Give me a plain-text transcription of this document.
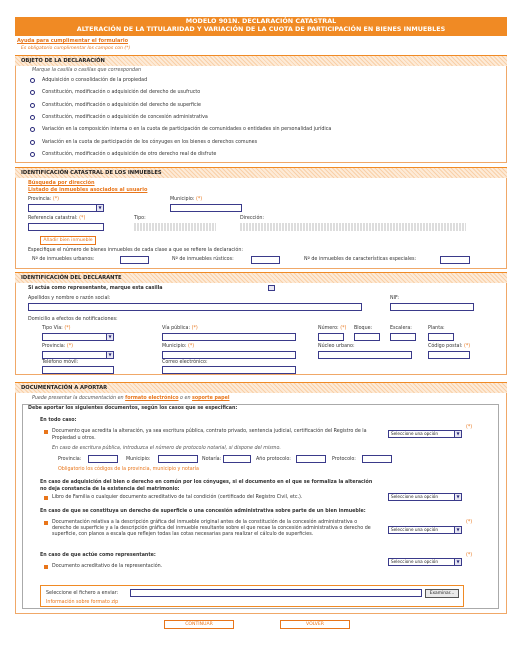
MODELO 901N. DECLARACIÓN CATASTRAL
ALTERACIÓN DE LA TITULARIDAD Y VARIACIÓN DE LA CUOTA DE PARTICIPACIÓN EN BIENES INMUEBLES
Ayuda para cumplimentar el formulario
Es obligatorio cumplimentar los campos con (*)
OBJETO DE LA DECLARACIÓN
Marque la casilla o casillas que correspondan
Adquisición o consolidación de la propiedad
Constitución, modificación o adquisición del derecho de usufructo
Constitución, modificación o adquisición del derecho de superficie
Constitución, modificación o adquisición de concesión administrativa
Variación en la composición interna o en la cuota de participación de comunidades o entidades sin personalidad jurídica
Variación en la cuota de participación de los cónyuges en los bienes o derechos comunes
Constitución, modificación o adquisición de otro derecho real de disfrute
IDENTIFICACIÓN CATASTRAL DE LOS INMUEBLES
Búsqueda por dirección
Listado de inmuebles asociados al usuario
Provincia: (*)
▼
Municipio: (*)
Referencia catastral: (*)	Tipo:	Dirección:
Añadir bien inmueble
Especifique el número de bienes inmuebles de cada clase a que se refiere la declaración:
Nº de inmuebles urbanos:	Nº de inmuebles rústicos:	Nº de inmuebles de características especiales:
IDENTIFICACIÓN DEL DECLARANTE
Si actúa como representante, marque esta casilla
Apellidos y nombre o razón social:	NIF:
Domicilio a efectos de notificaciones:
Tipo Vía: (*)
▼
Vía pública: (*)	Número: (*) Bloque:	Escalera:	Planta:
Provincia: (*)
▼
Municipio: (*)	Núcleo urbano:	Código postal: (*)
Teléfono móvil:	Correo electrónico:
DOCUMENTACIÓN A APORTAR
Puede presentar la documentación en formato electrónico o en soporte papel
Debe aportar los siguientes documentos, según los casos que se especifican:
En todo caso:
Documento que acredita la alteración, ya sea escritura pública, contrato privado, sentencia judicial, certificación del Registro de la
Propiedad u otros.
Seleccione una opción	▼
(*)
En caso de escritura pública, introduzca el número de protocolo notarial, si dispone del mismo.
Provincia:	Municipio:	Notaría:	Año protocolo:	Protocolo:
Obligatorio los códigos de la provincia, municipio y notaría
En caso de adquisición del bien o derecho en común por los cónyuges, si el documento en el que se formaliza la alteración
no deja constancia de la existencia del matrimonio:
Libro de Familia o cualquier documento acreditativo de tal condición (certificado del Registro Civil, etc.).	Seleccione una opción	▼
En caso de que se constituya un derecho de superficie o una concesión administrativa sobre parte de un bien inmueble:
Documentación relativa a la descripción gráfica del inmueble original antes de la constitución de la concesión administrativa o
derecho de superficie y a la descripción gráfica del inmueble resultante sobre el que recae la concesión administrativa o derecho de
superficie, con planos a escala que reflejen todas las cotas necesarias para realizar el cálculo de superficies.
Seleccione una opción	▼
(*)
En caso de que actúe como representante:
Documento acreditativo de la representación.
Seleccione una opción	▼
(*)
Seleccione el fichero a enviar:	Examinar...
Información sobre formato zip
CONTINUAR	VOLVER
